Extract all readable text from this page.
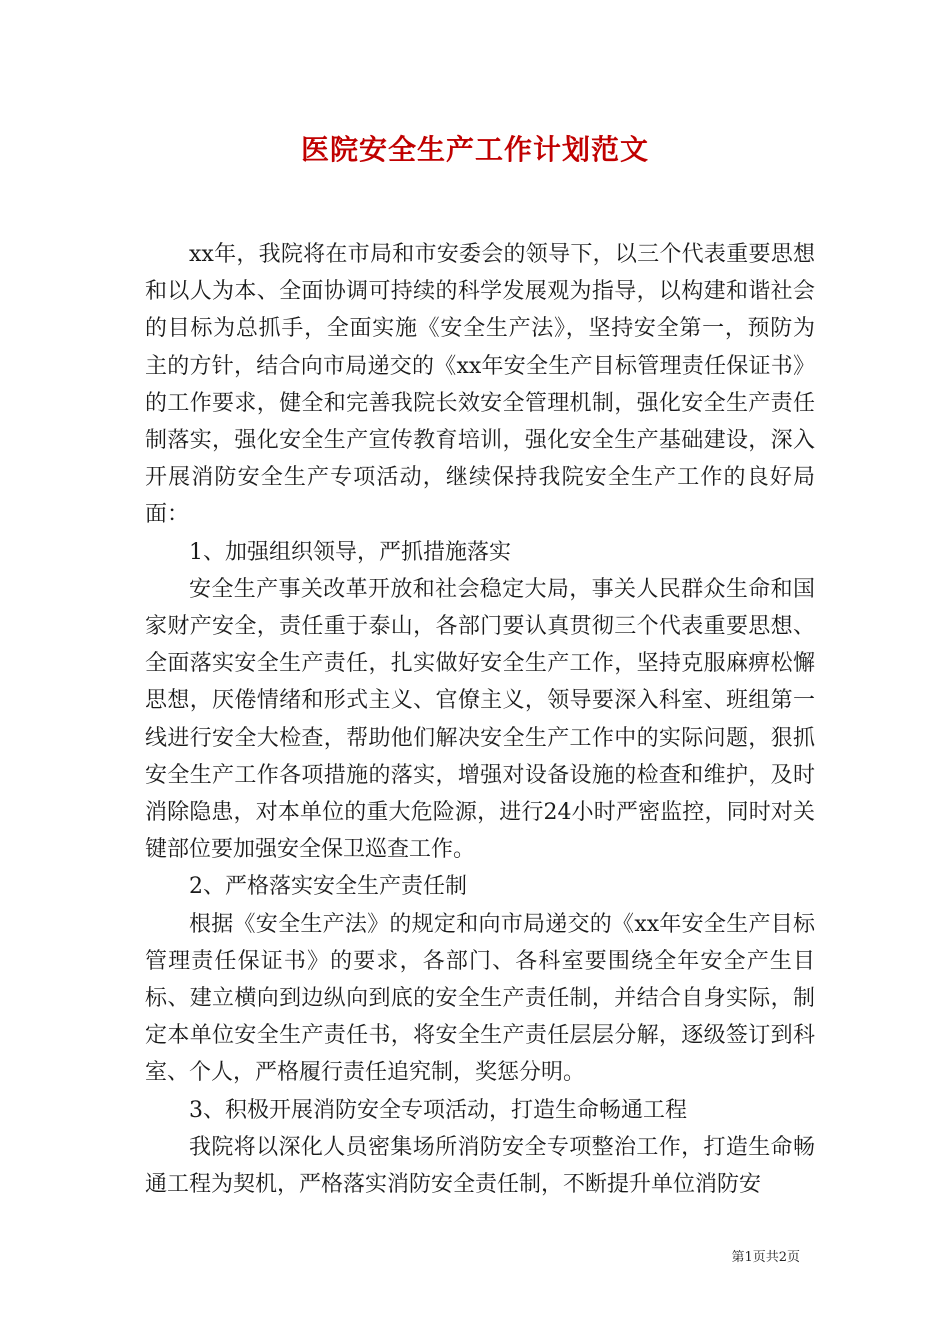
医院安全生产工作计划范文

xx年，我院将在市局和市安委会的领导下，以三个代表重要思想和以人为本、全面协调可持续的科学发展观为指导，以构建和谐社会的目标为总抓手，全面实施《安全生产法》，坚持安全第一，预防为主的方针，结合向市局递交的《xx年安全生产目标管理责任保证书》的工作要求，健全和完善我院长效安全管理机制，强化安全生产责任制落实，强化安全生产宣传教育培训，强化安全生产基础建设，深入开展消防安全生产专项活动，继续保持我院安全生产工作的良好局面：

1、加强组织领导，严抓措施落实

安全生产事关改革开放和社会稳定大局，事关人民群众生命和国家财产安全，责任重于泰山，各部门要认真贯彻三个代表重要思想、全面落实安全生产责任，扎实做好安全生产工作，坚持克服麻痹松懈思想，厌倦情绪和形式主义、官僚主义，领导要深入科室、班组第一线进行安全大检查，帮助他们解决安全生产工作中的实际问题，狠抓安全生产工作各项措施的落实，增强对设备设施的检查和维护，及时消除隐患，对本单位的重大危险源，进行24小时严密监控，同时对关键部位要加强安全保卫巡查工作。

2、严格落实安全生产责任制

根据《安全生产法》的规定和向市局递交的《xx年安全生产目标管理责任保证书》的要求，各部门、各科室要围绕全年安全产生目标、建立横向到边纵向到底的安全生产责任制，并结合自身实际，制定本单位安全生产责任书，将安全生产责任层层分解，逐级签订到科室、个人，严格履行责任追究制，奖惩分明。

3、积极开展消防安全专项活动，打造生命畅通工程

我院将以深化人员密集场所消防安全专项整治工作，打造生命畅通工程为契机，严格落实消防安全责任制，不断提升单位消防安

第1页共2页
